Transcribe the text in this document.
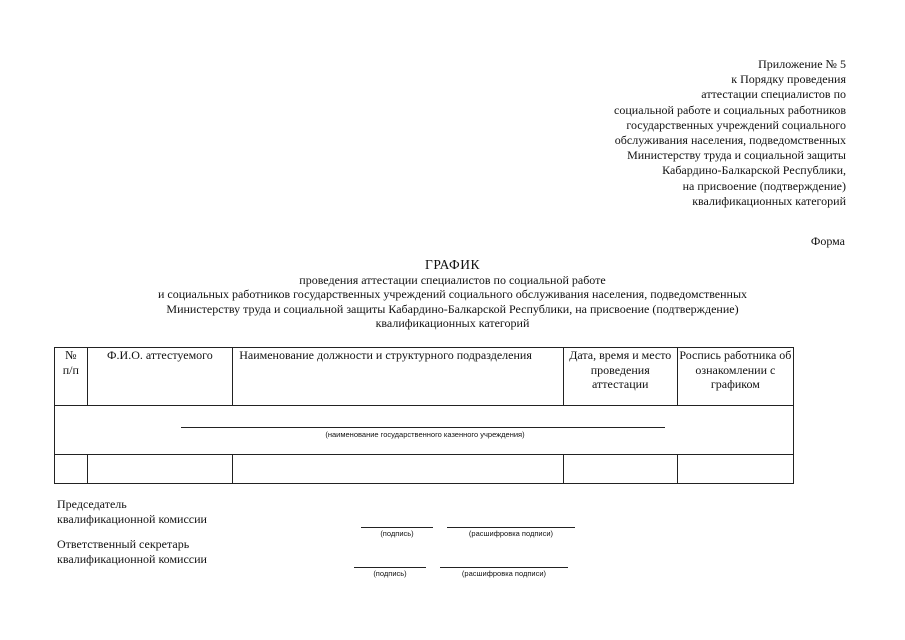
Приложение № 5
к Порядку проведения
аттестации специалистов по
социальной работе и социальных работников
государственных учреждений социального
обслуживания населения, подведомственных
Министерству труда и социальной защиты
Кабардино-Балкарской Республики,
на присвоение (подтверждение)
квалификационных категорий
Форма
ГРАФИК
проведения аттестации специалистов по социальной работе
и социальных работников государственных учреждений социального обслуживания населения, подведомственных
Министерству труда и социальной защиты Кабардино-Балкарской Республики, на присвоение (подтверждение)
квалификационных категорий
№
п/п	Ф.И.О. аттестуемого	Наименование должности и структурного подразделения	Дата, время и место проведения аттестации	Роспись работника об ознакомлении с графиком

(наименование государственного казенного учреждения)				

Председатель
квалификационной комиссии
(подпись)	(расшифровка подписи)
Ответственный секретарь
квалификационной комиссии
(подпись)	(расшифровка подписи)
